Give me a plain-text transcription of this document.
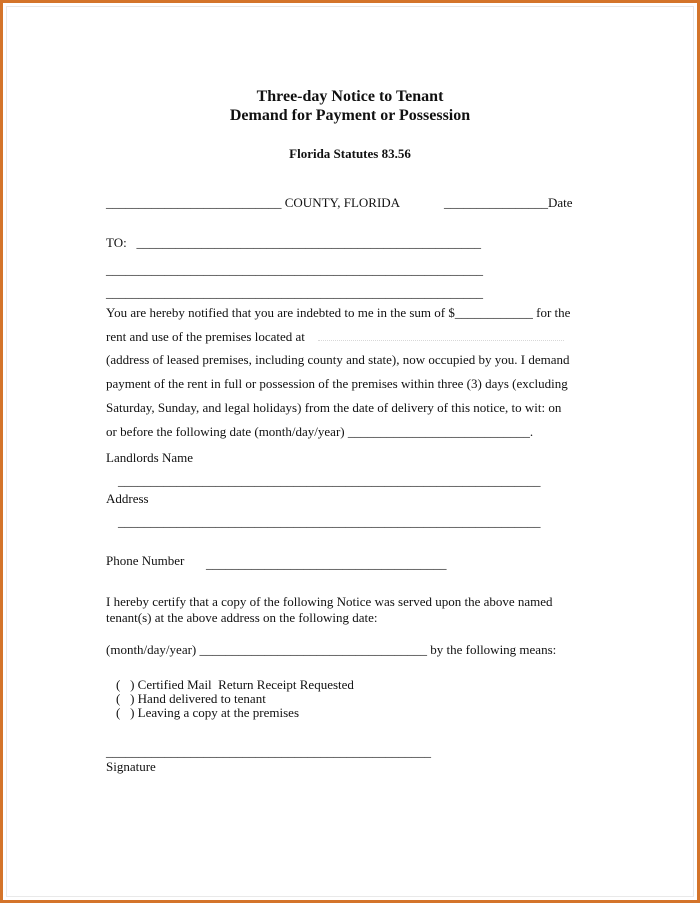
Three-day Notice to Tenant
Demand for Payment or Possession
Florida Statutes 83.56
___________________________ COUNTY, FLORIDA	________________Date
TO:   _____________________________________________________
__________________________________________________________
__________________________________________________________
You are hereby notified that you are indebted to me in the sum of $____________ for the
rent and use of the premises located at
(address of leased premises, including county and state), now occupied by you. I demand
payment of the rent in full or possession of the premises within three (3) days (excluding
Saturday, Sunday, and legal holidays) from the date of delivery of this notice, to wit: on
or before the following date (month/day/year) ____________________________.
Landlords Name
_________________________________________________________________
Address
_________________________________________________________________
Phone Number _____________________________________
I hereby certify that a copy of the following Notice was served upon the above named
tenant(s) at the above address on the following date:
(month/day/year) ___________________________________ by the following means:
(   ) Certified Mail  Return Receipt Requested
(   ) Hand delivered to tenant
(   ) Leaving a copy at the premises
__________________________________________________
Signature
